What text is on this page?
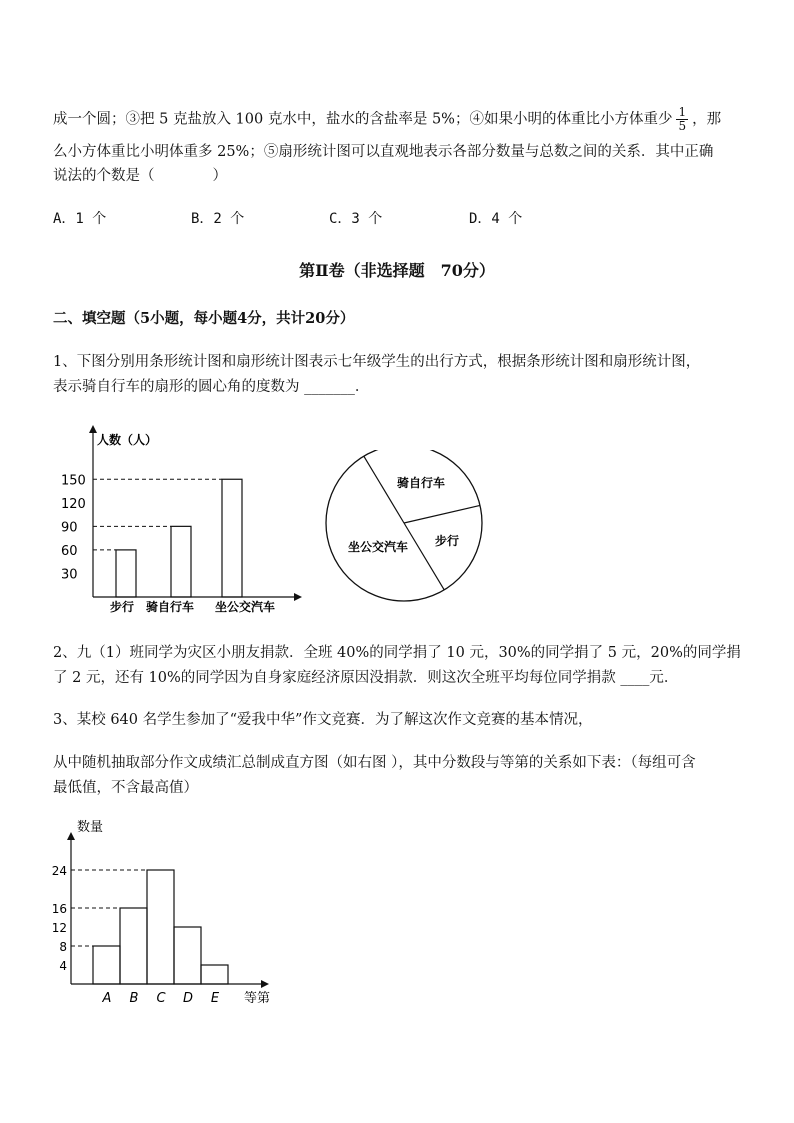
成一个圆；③把 5 克盐放入 100 克水中，盐水的含盐率是 5%；④如果小明的体重比小方体重少 $\frac{1}{5}$ ，那
么小方体重比小明体重多 25%；⑤扇形统计图可以直观地表示各部分数量与总数之间的关系．其中正确
说法的个数是（　　　　）
A．1 个	B．2 个	C．3 个	D．4 个
第Ⅱ卷（非选择题　70分）
二、填空题（5小题，每小题4分，共计20分）
1、下图分别用条形统计图和扇形统计图表示七年级学生的出行方式，根据条形统计图和扇形统计图，
表示骑自行车的扇形的圆心角的度数为 _______．
人数（人）
30
60
90
120
150
步行 骑自行车 坐公交汽车
骑自行车
步行
坐公交汽车
2、九（1）班同学为灾区小朋友捐款．全班 40%的同学捐了 10 元，30%的同学捐了 5 元，20%的同学捐
了 2 元，还有 10%的同学因为自身家庭经济原因没捐款．则这次全班平均每位同学捐款 ____元．
3、某校 640 名学生参加了“爱我中华”作文竞赛．为了解这次作文竞赛的基本情况，
从中随机抽取部分作文成绩汇总制成直方图（如右图 ），其中分数段与等第的关系如下表：（每组可含
最低值，不含最高值）
数量
等第
4
8
12
16
24
A B C D E
